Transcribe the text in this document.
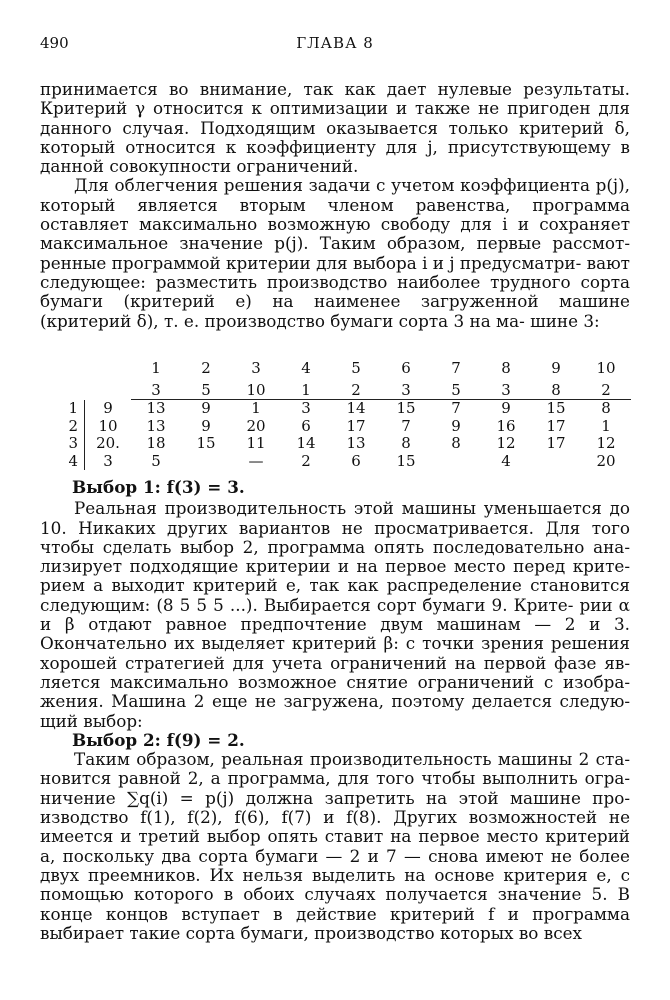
490	ГЛАВА 8

принимается во внимание, так как дает нулевые результаты. Критерий γ относится к оптимизации и также не пригоден для данного случая. Подходящим оказывается только критерий δ, который относится к коэффициенту для j, присутствующему в данной совокупности ограничений.

Для облегчения решения задачи с учетом коэффициента p(j), который является вторым членом равенства, программа оставляет максимально возможную свободу для i и сохраняет максимальное значение p(j). Таким образом, первые рассмот- ренные программой критерии для выбора i и j предусматри- вают следующее: разместить производство наиболее трудного сорта бумаги (критерий e) на наименее загруженной машине (критерий δ), т. е. производство бумаги сорта 3 на ма- шине 3:

		1	2	3	4	5	6	7	8	9	10
		3	5	10	1	2	3	5	3	8	2
1	9	13	9	1	3	14	15	7	9	15	8
2	10	13	9	20	6	17	7	9	16	17	1
3	20.	18	15	11	14	13	8	8	12	17	12
4	3	5		—	2	6	15		4		20

Выбор 1: f(3) = 3.

Реальная производительность этой машины уменьшается до 10. Никаких других вариантов не просматривается. Для того чтобы сделать выбор 2, программа опять последовательно ана- лизирует подходящие критерии и на первое место перед крите- рием a выходит критерий e, так как распределение становится следующим: (8 5 5 5 ...). Выбирается сорт бумаги 9. Крите- рии α и β отдают равное предпочтение двум машинам — 2 и 3. Окончательно их выделяет критерий β: с точки зрения решения хорошей стратегией для учета ограничений на первой фазе яв- ляется максимально возможное снятие ограничений с изобра- жения. Машина 2 еще не загружена, поэтому делается следую- щий выбор:

Выбор 2: f(9) = 2.

Таким образом, реальная производительность машины 2 ста- новится равной 2, а программа, для того чтобы выполнить огра- ничение ∑q(i) = p(j) должна запретить на этой машине про- изводство f(1), f(2), f(6), f(7) и f(8). Других возможностей не имеется и третий выбор опять ставит на первое место критерий a, поскольку два сорта бумаги — 2 и 7 — снова имеют не более двух преемников. Их нельзя выделить на основе критерия e, с помощью которого в обоих случаях получается значение 5. В конце концов вступает в действие критерий f и программа выбирает такие сорта бумаги, производство которых во всех
